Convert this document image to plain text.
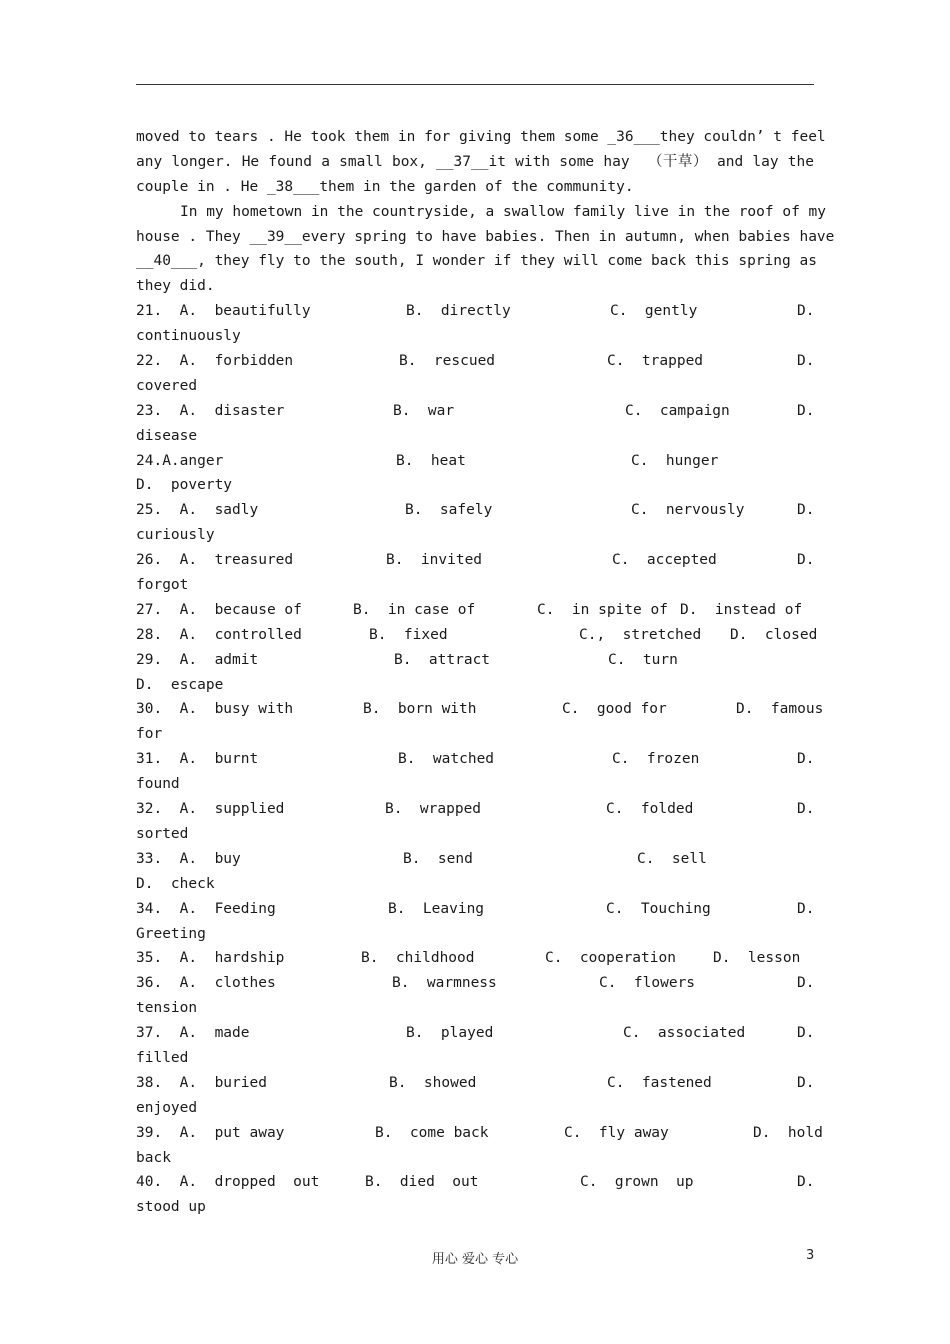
moved to tears . He took them in for giving them some _36___they couldn’ t feel
any longer. He found a small box, __37__it with some hay  （干草） and lay the
couple in . He _38___them in the garden of the community.
In my hometown in the countryside, a swallow family live in the roof of my
house . They __39__every spring to have babies. Then in autumn, when babies have
__40___, they fly to the south, I wonder if they will come back this spring as
they did.
21.  A.  beautifully	B.  directly	C.  gently	D.
continuously
22.  A.  forbidden	B.  rescued	C.  trapped	D.
covered
23.  A.  disaster	B.  war	C.  campaign	D.
disease
24.A.anger	B.  heat	C.  hunger
D.  poverty
25.  A.  sadly	B.  safely	C.  nervously	D.
curiously
26.  A.  treasured	B.  invited	C.  accepted	D.
forgot
27.  A.  because of	B.  in case of	C.  in spite of D.  instead of
28.  A.  controlled	B.  fixed	C.,  stretched D.  closed
29.  A.  admit	B.  attract	C.  turn
D.  escape
30.  A.  busy with	B.  born with	C.  good for	D.  famous
for
31.  A.  burnt	B.  watched	C.  frozen	D.
found
32.  A.  supplied	B.  wrapped	C.  folded	D.
sorted
33.  A.  buy	B.  send	C.  sell
D.  check
34.  A.  Feeding	B.  Leaving	C.  Touching	D.
Greeting
35.  A.  hardship	B.  childhood	C.  cooperation	D.  lesson
36.  A.  clothes	B.  warmness	C.  flowers	D.
tension
37.  A.  made	B.  played	C.  associated	D.
filled
38.  A.  buried	B.  showed	C.  fastened	D.
enjoyed
39.  A.  put away	B.  come back	C.  fly away	D.  hold
back
40.  A.  dropped  out	B.  died  out	C.  grown  up	D.
stood up
用心 爱心 专心	3
